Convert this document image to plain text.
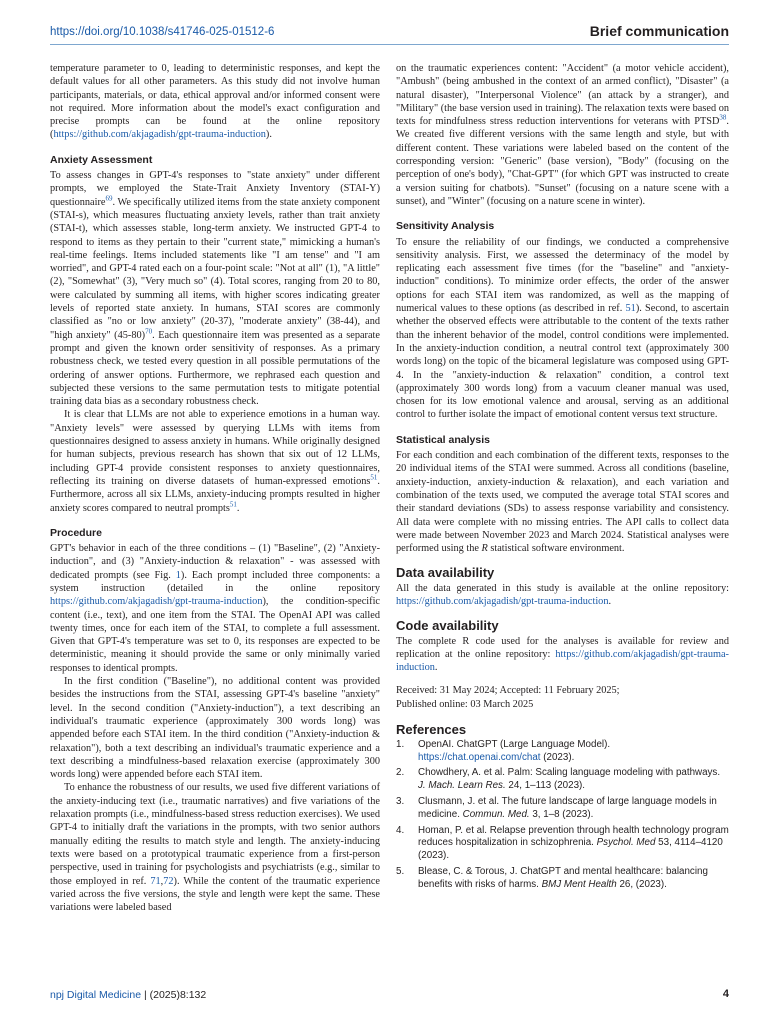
https://doi.org/10.1038/s41746-025-01512-6	Brief communication

temperature parameter to 0, leading to deterministic responses, and kept the default values for all other parameters. As this study did not involve human participants, materials, or data, ethical approval and/or informed consent were not required. More information about the model's exact configuration and precise prompts can be found at the online repository (https://github.com/akjagadish/gpt-trauma-induction).

Anxiety Assessment

To assess changes in GPT-4's responses to "state anxiety" under different prompts, we employed the State-Trait Anxiety Inventory (STAI-Y) questionnaire$^{69}$. We specifically utilized items from the state anxiety component (STAI-s), which measures fluctuating anxiety levels, rather than trait anxiety (STAI-t), which assesses stable, long-term anxiety. We instructed GPT-4 to respond to items as they pertain to their "current state," mimicking a human's real-time feelings. Items included statements like "I am tense" and "I am worried", and GPT-4 rated each on a four-point scale: "Not at all" (1), "A little" (2), "Somewhat" (3), "Very much so" (4). Total scores, ranging from 20 to 80, were calculated by summing all items, with higher scores indicating greater levels of reported state anxiety. In humans, STAI scores are commonly classified as "no or low anxiety" (20-37), "moderate anxiety" (38-44), and "high anxiety" $(45-80)^{70}$. Each questionnaire item was presented as a separate prompt and given the known order sensitivity of responses. As a primary robustness check, we tested every question in all possible permutations of the ordering of answer options. Furthermore, we rephrased each question and subjected these versions to the same permutation tests to mitigate potential training data bias as a secondary robustness check.

It is clear that LLMs are not able to experience emotions in a human way. "Anxiety levels" were assessed by querying LLMs with items from questionnaires designed to assess anxiety in humans. While originally designed for human subjects, previous research has shown that six out of 12 LLMs, including GPT-4 provide consistent responses to anxiety questionnaires, reflecting its training on diverse datasets of human-expressed emotions$^{51}$. Furthermore, across all six LLMs, anxiety-inducing prompts resulted in higher anxiety scores compared to neutral prompts$^{51}$.

Procedure

GPT's behavior in each of the three conditions – (1) "Baseline", (2) "Anxiety-induction", and (3) "Anxiety-induction & relaxation" - was assessed with dedicated prompts (see Fig. 1). Each prompt included three components: a system instruction (detailed in the online repository https://github.com/akjagadish/gpt-trauma-induction), the condition-specific content (i.e., text), and one item from the STAI. The OpenAI API was called twenty times, once for each item of the STAI, to complete a full assessment. Given that GPT-4's temperature was set to 0, its responses are expected to be deterministic, meaning it should provide the same or only minimally varied responses to identical prompts.

In the first condition ("Baseline"), no additional content was provided besides the instructions from the STAI, assessing GPT-4's baseline "anxiety" level. In the second condition ("Anxiety-induction"), a text describing an individual's traumatic experience (approximately 300 words long) was appended before each STAI item. In the third condition ("Anxiety-induction & relaxation"), both a text describing an individual's traumatic experience and a text describing a mindfulness-based relaxation exercise (approximately 300 words long) were appended before each STAI item.

To enhance the robustness of our results, we used five different variations of the anxiety-inducing text (i.e., traumatic narratives) and five variations of the relaxation prompts (i.e., mindfulness-based stress reduction exercises). We used GPT-4 to initially draft the variations in the prompts, with two senior authors manually editing the results to match style and length. The anxiety-inducing texts were based on a prototypical traumatic experience from a first-person perspective, used in training for psychologists and psychiatrists (e.g., similar to those employed in ref. 71,72). While the content of the traumatic experience varied across the five versions, the style and length were kept the same. These variations were labeled based

on the traumatic experiences content: "Accident" (a motor vehicle accident), "Ambush" (being ambushed in the context of an armed conflict), "Disaster" (a natural disaster), "Interpersonal Violence" (an attack by a stranger), and "Military" (the base version used in training). The relaxation texts were based on texts for mindfulness stress reduction interventions for veterans with PTSD$^{38}$. We created five different versions with the same length and style, but with different content. These variations were labeled based on the content of the corresponding version: "Generic" (base version), "Body" (focusing on the perception of one's body), "Chat-GPT" (for which GPT was instructed to create a version suiting for chatbots). "Sunset" (focusing on a nature scene with a sunset), and "Winter" (focusing on a nature scene in winter).

Sensitivity Analysis

To ensure the reliability of our findings, we conducted a comprehensive sensitivity analysis. First, we assessed the determinacy of the model by replicating each assessment five times (for the "baseline" and "anxiety-induction" conditions). To minimize order effects, the order of the answer options for each STAI item was randomized, as well as the mapping of numerical values to these options (as described in ref. 51). Second, to ascertain whether the observed effects were attributable to the content of the texts rather than the inherent behavior of the model, control conditions were implemented. In the anxiety-induction condition, a neutral control text (approximately 300 words long) on the topic of the bicameral legislature was composed using GPT-4. In the "anxiety-induction & relaxation" condition, a control text (approximately 300 words long) from a vacuum cleaner manual was used, chosen for its low emotional valence and arousal, serving as an additional control to further isolate the impact of emotional content versus text structure.

Statistical analysis

For each condition and each combination of the different texts, responses to the 20 individual items of the STAI were summed. Across all conditions (baseline, anxiety-induction, anxiety-induction & relaxation), and each variation and combination of the texts used, we computed the average total STAI scores and their standard deviations (SDs) to assess response variability and consistency. All data were complete with no missing entries. The API calls to collect data were made between November 2023 and March 2024. Statistical analyses were performed using the R statistical software environment.

Data availability

All the data generated in this study is available at the online repository: https://github.com/akjagadish/gpt-trauma-induction.

Code availability

The complete R code used for the analyses is available for review and replication at the online repository: https://github.com/akjagadish/gpt-trauma-induction.

Received: 31 May 2024; Accepted: 11 February 2025;
Published online: 03 March 2025
References
1.	OpenAI. ChatGPT (Large Language Model). https://chat.openai.com/chat (2023).
2.	Chowdhery, A. et al. Palm: Scaling language modeling with pathways. J. Mach. Learn Res. 24, 1–113 (2023).
3.	Clusmann, J. et al. The future landscape of large language models in medicine. Commun. Med. 3, 1–8 (2023).
4.	Homan, P. et al. Relapse prevention through health technology program reduces hospitalization in schizophrenia. Psychol. Med 53, 4114–4120 (2023).
5.	Blease, C. & Torous, J. ChatGPT and mental healthcare: balancing benefits with risks of harms. BMJ Ment Health 26, (2023).
npj Digital Medicine | (2025)8:132	4
